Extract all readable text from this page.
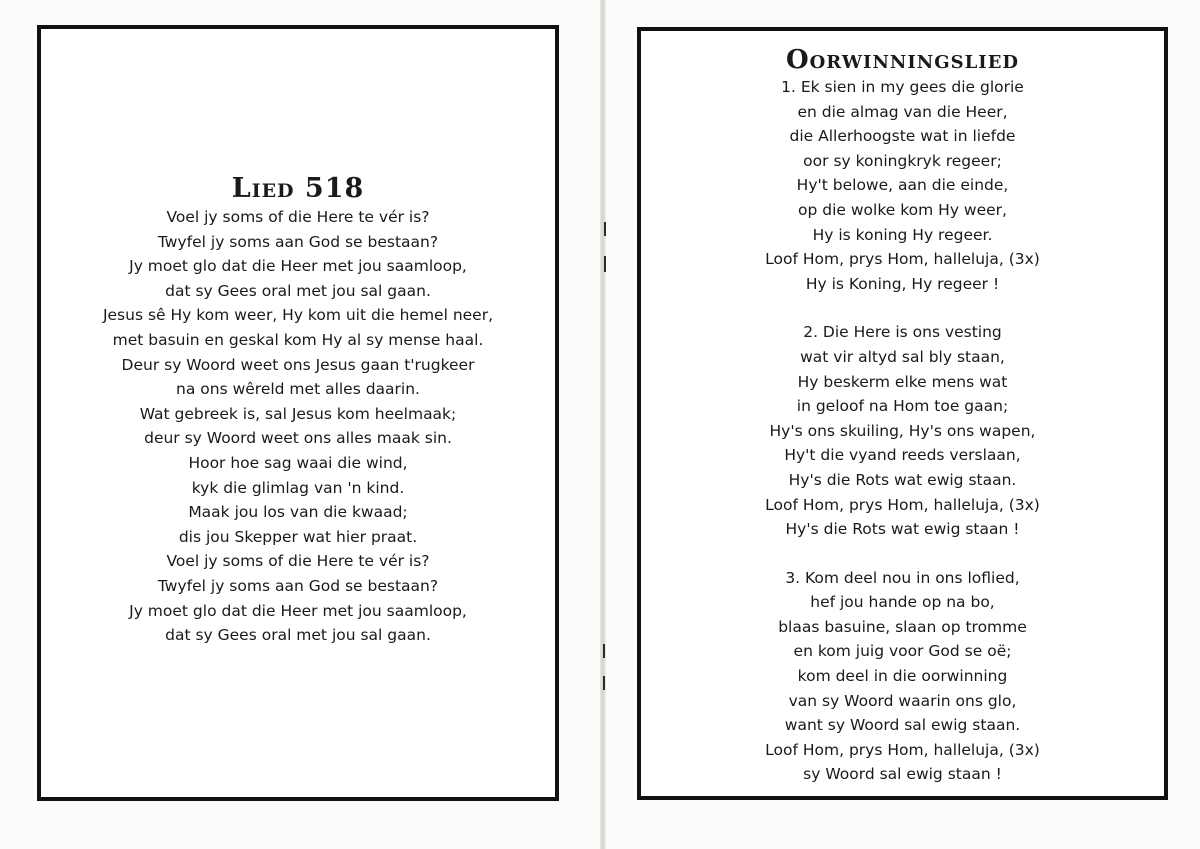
Lied 518
Voel jy soms of die Here te vér is?
Twyfel jy soms aan God se bestaan?
Jy moet glo dat die Heer met jou saamloop,
dat sy Gees oral met jou sal gaan.
Jesus sê Hy kom weer, Hy kom uit die hemel neer,
met basuin en geskal kom Hy al sy mense haal.
Deur sy Woord weet ons Jesus gaan t'rugkeer
na ons wêreld met alles daarin.
Wat gebreek is, sal Jesus kom heelmaak;
deur sy Woord weet ons alles maak sin.
Hoor hoe sag waai die wind,
kyk die glimlag van 'n kind.
Maak jou los van die kwaad;
dis jou Skepper wat hier praat.
Voel jy soms of die Here te vér is?
Twyfel jy soms aan God se bestaan?
Jy moet glo dat die Heer met jou saamloop,
dat sy Gees oral met jou sal gaan.
Oorwinningslied
1. Ek sien in my gees die glorie
en die almag van die Heer,
die Allerhoogste wat in liefde
oor sy koningkryk regeer;
Hy't belowe, aan die einde,
op die wolke kom Hy weer,
Hy is koning Hy regeer.
Loof Hom, prys Hom, halleluja, (3x)
Hy is Koning, Hy regeer !
2. Die Here is ons vesting
wat vir altyd sal bly staan,
Hy beskerm elke mens wat
in geloof na Hom toe gaan;
Hy's ons skuiling, Hy's ons wapen,
Hy't die vyand reeds verslaan,
Hy's die Rots wat ewig staan.
Loof Hom, prys Hom, halleluja, (3x)
Hy's die Rots wat ewig staan !
3. Kom deel nou in ons loflied,
hef jou hande op na bo,
blaas basuine, slaan op tromme
en kom juig voor God se oë;
kom deel in die oorwinning
van sy Woord waarin ons glo,
want sy Woord sal ewig staan.
Loof Hom, prys Hom, halleluja, (3x)
sy Woord sal ewig staan !
